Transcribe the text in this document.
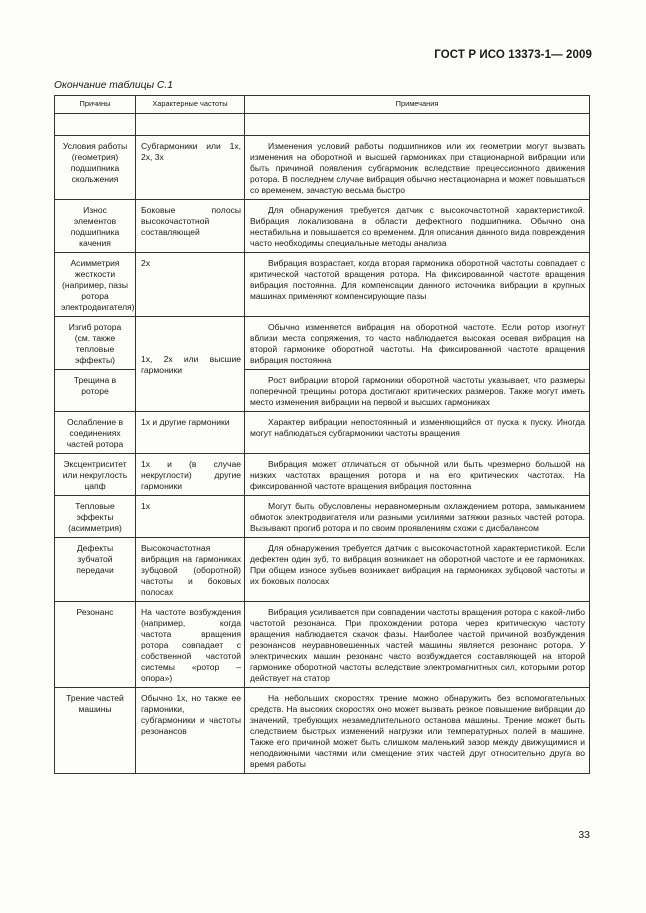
ГОСТ Р ИСО 13373-1— 2009
Окончание таблицы С.1
Причины	Характерные частоты	Примечания

Условия работы (геометрия) подшипника скольжения	Субгармоники или 1х, 2х, 3х	Изменения условий работы подшипников или их геометрии могут вызвать изменения на оборотной и высшей гармониках при стационарной вибрации или быть причиной появления субгармоник вследствие прецессионного движения ротора. В последнем случае вибрация обычно нестационарна и может повышаться со временем, зачастую весьма быстро

Износ элементов подшипника качения	Боковые полосы высокочастотной составляющей	Для обнаружения требуется датчик с высокочастотной характеристикой. Вибрация локализована в области дефектного подшипника. Обычно она нестабильна и повышается со временем. Для описания данного вида повреждения часто необходимы специальные методы анализа

Асимметрия жесткости (например, пазы ротора электродвигателя)	2х	Вибрация возрастает, когда вторая гармоника оборотной частоты совпадает с критической частотой вращения ротора. На фиксированной частоте вращения вибрация постоянна. Для компенсации данного источника вибрации в крупных машинах применяют компенсирующие пазы

Изгиб ротора (см. также тепловые эффекты)	1х, 2х или высшие гармоники	Обычно изменяется вибрация на оборотной частоте. Если ротор изогнут вблизи места сопряжения, то часто наблюдается высокая осевая вибрация на второй гармонике оборотной частоты. На фиксированной частоте вращения вибрация постоянна

Трещина в роторе		Рост вибрации второй гармоники оборотной частоты указывает, что размеры поперечной трещины ротора достигают критических размеров. Также могут иметь место изменения вибрации на первой и высших гармониках

Ослабление в соединениях частей ротора	1х и другие гармоники	Характер вибрации непостоянный и изменяющийся от пуска к пуску. Иногда могут наблюдаться субгармоники частоты вращения

Эксцентриситет или некруглость цапф	1х и (в случае некруглости) другие гармоники	Вибрация может отличаться от обычной или быть чрезмерно большой на низких частотах вращения ротора и на его критических частотах. На фиксированной частоте вращения вибрация постоянна

Тепловые эффекты (асимметрия)	1х	Могут быть обусловлены неравномерным охлаждением ротора, замыканием обмоток электродвигателя или разными усилиями затяжки разных частей ротора. Вызывают прогиб ротора и по своим проявлениям схожи с дисбалансом

Дефекты зубчатой передачи	Высокочастотная вибрация на гармониках зубцовой (оборотной) частоты и боковых полосах	Для обнаружения требуется датчик с высокочастотной характеристикой. Если дефектен один зуб, то вибрация возникает на оборотной частоте и ее гармониках. При общем износе зубьев возникает вибрация на гармониках зубцовой частоты и их боковых полосах

Резонанс	На частоте возбуждения (например, когда частота вращения ротора совпадает с собственной частотой системы «ротор –опора»)	Вибрация усиливается при совпадении частоты вращения ротора с какой-либо частотой резонанса. При прохождении ротора через критическую частоту вращения наблюдается скачок фазы. Наиболее частой причиной возбуждения резонансов неуравновешенных частей машины является резонанс ротора. У электрических машин резонанс часто возбуждается составляющей на второй гармонике оборотной частоты вследствие электромагнитных сил, которыми ротор действует на статор

Трение частей машины	Обычно 1х, но также ее гармоники, субгармоники и частоты резонансов	На небольших скоростях трение можно обнаружить без вспомогательных средств. На высоких скоростях оно может вызвать резкое повышение вибрации до значений, требующих незамедлительного останова машины. Трение может быть следствием быстрых изменений нагрузки или температурных полей в машине. Также его причиной может быть слишком маленький зазор между движущимися и неподвижными частями или смещение этих частей друг относительно друга во время работы
33
